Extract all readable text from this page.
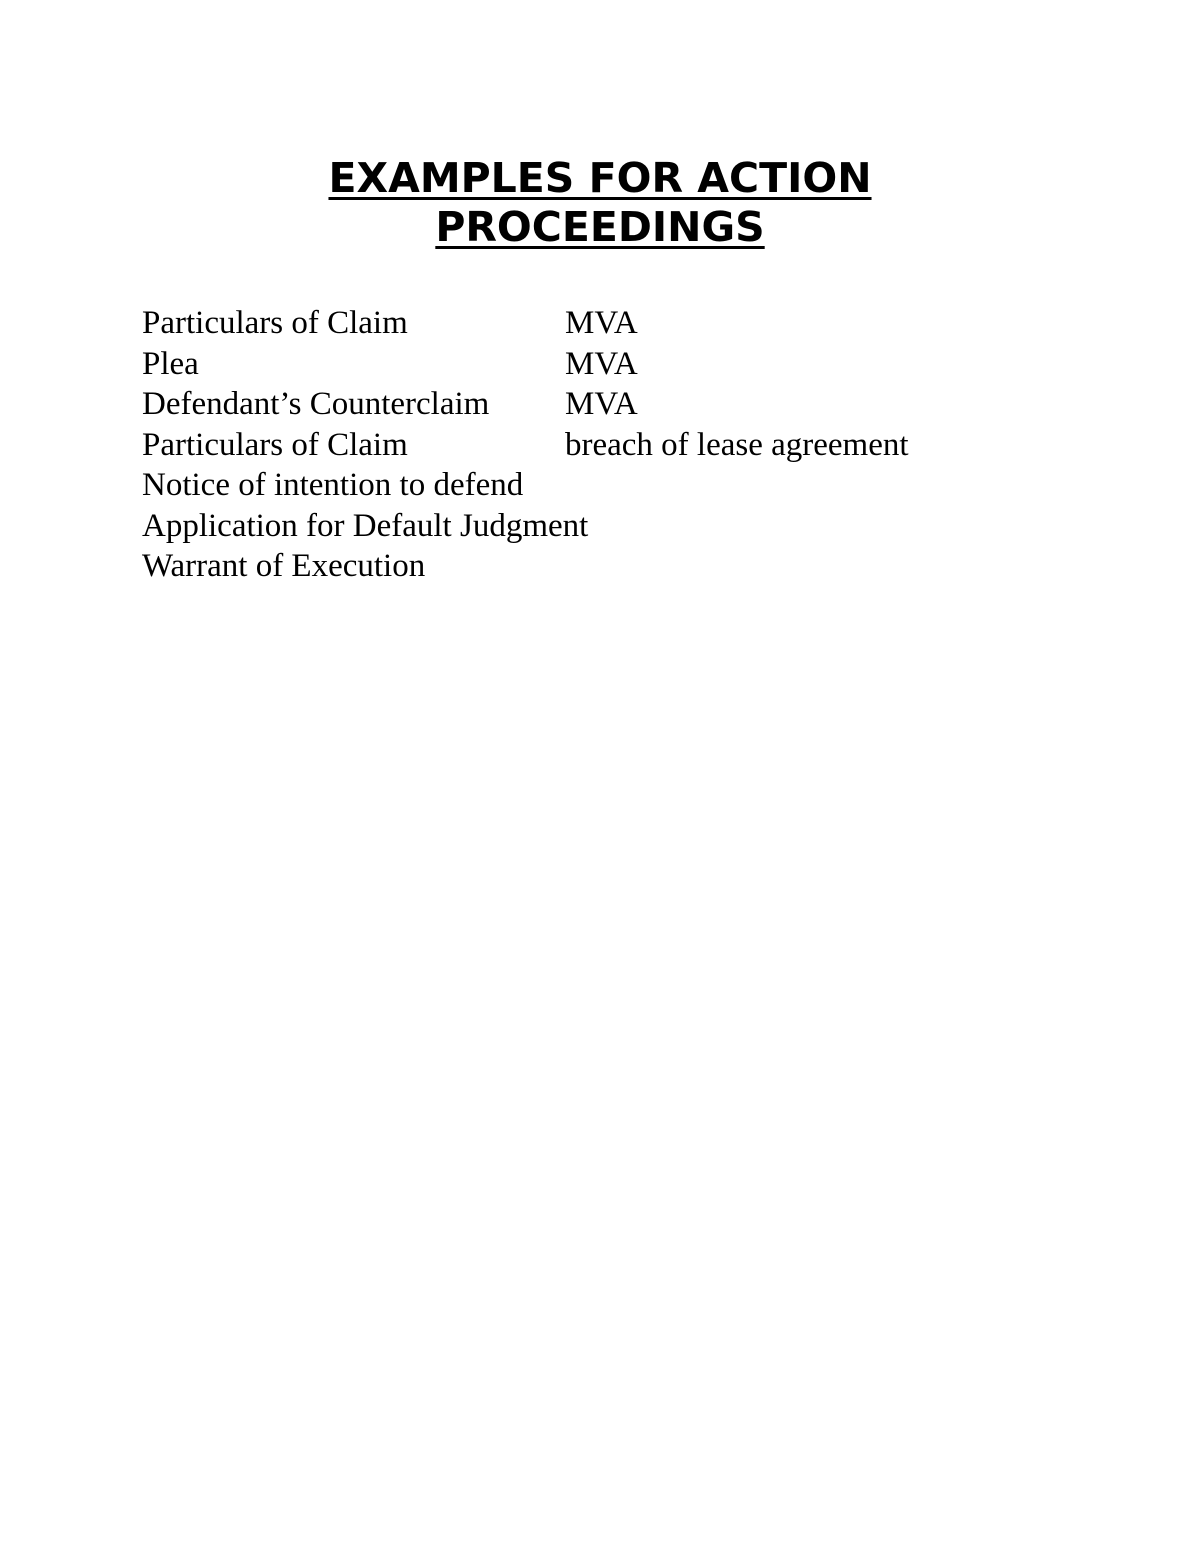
EXAMPLES FOR ACTION
PROCEEDINGS
Particulars of Claim	MVA
Plea	MVA
Defendant’s Counterclaim MVA
Particulars of Claim	breach of lease agreement
Notice of intention to defend
Application for Default Judgment
Warrant of Execution
